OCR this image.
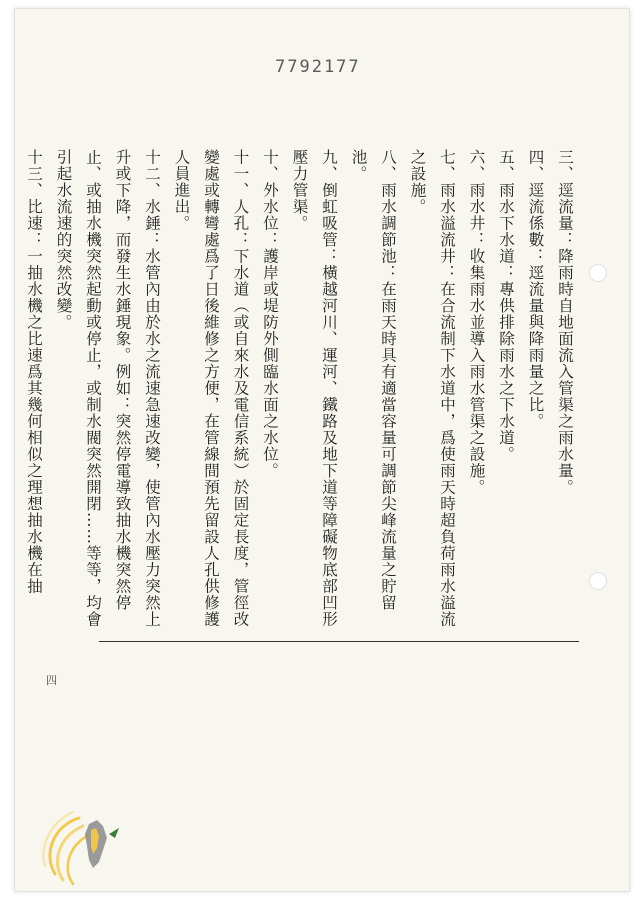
7792177
三、逕流量：降雨時自地面流入管渠之雨水量。
四、逕流係數：逕流量與降雨量之比。
五、雨水下水道：專供排除雨水之下水道。
六、雨水井：收集雨水並導入雨水管渠之設施。
七、雨水溢流井：在合流制下水道中，爲使雨天時超負荷雨水溢流之設施。
八、雨水調節池：在雨天時具有適當容量可調節尖峰流量之貯留池。
九、倒虹吸管：橫越河川、運河、鐵路及地下道等障礙物底部凹形壓力管渠。
十、外水位：護岸或堤防外側臨水面之水位。
十一、人孔：下水道（或自來水及電信系統）於固定長度，管徑改變處或轉彎處爲了日後維修之方便，在管線間預先留設人孔供修護人員進出。
十二、水錘：水管內由於水之流速急速改變，使管內水壓力突然上升或下降，而發生水錘現象。例如：突然停電導致抽水機突然停止、或抽水機突然起動或停止，或制水閥突然開閉……等等，均會引起水流速的突然改變。
十三、比速：一抽水機之比速爲其幾何相似之理想抽水機在抽
四
